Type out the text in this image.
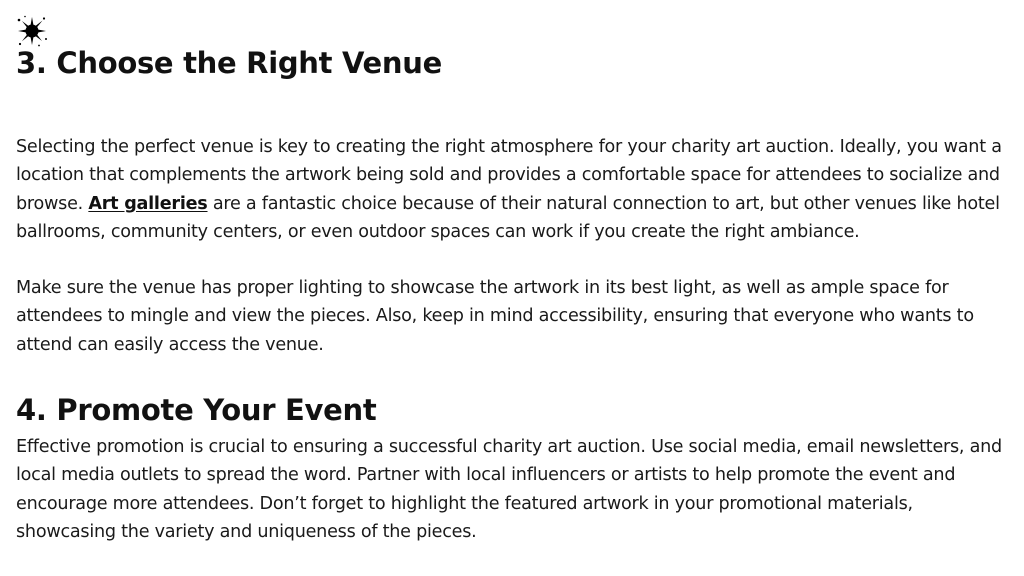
3. Choose the Right Venue

Selecting the perfect venue is key to creating the right atmosphere for your charity art auction. Ideally, you want a location that complements the artwork being sold and provides a comfortable space for attendees to socialize and browse. Art galleries are a fantastic choice because of their natural connection to art, but other venues like hotel ballrooms, community centers, or even outdoor spaces can work if you create the right ambiance.

Make sure the venue has proper lighting to showcase the artwork in its best light, as well as ample space for attendees to mingle and view the pieces. Also, keep in mind accessibility, ensuring that everyone who wants to attend can easily access the venue.

4. Promote Your Event

Effective promotion is crucial to ensuring a successful charity art auction. Use social media, email newsletters, and local media outlets to spread the word. Partner with local influencers or artists to help promote the event and encourage more attendees. Don’t forget to highlight the featured artwork in your promotional materials, showcasing the variety and uniqueness of the pieces.
